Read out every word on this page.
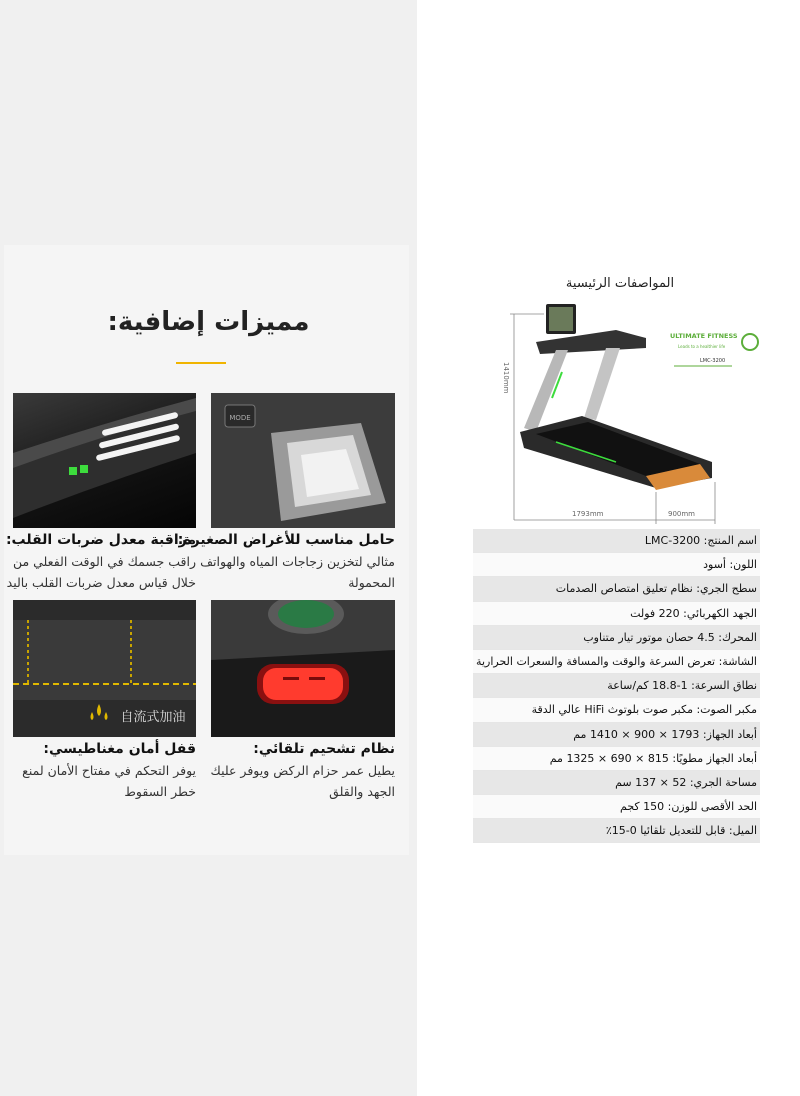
مميزات إضافية:
MODE
مراقبة معدل ضربات القلب:
راقب جسمك في الوقت الفعلي من
خلال قياس معدل ضربات القلب باليد
حامل مناسب للأغراض الصغيرة:
مثالي لتخزين زجاجات المياه والهواتف
المحمولة
自流式加油
قفل أمان مغناطيسي:
يوفر التحكم في مفتاح الأمان لمنع
خطر السقوط
نظام تشحيم تلقائي:
يطيل عمر حزام الركض ويوفر عليك
الجهد والقلق
المواصفات الرئيسية
1410mm
1793mm	900mm
ULTIMATE FITNESS
Leads to a healthier life
LMC-3200
اسم المنتج: LMC-3200
اللون: أسود
سطح الجري: نظام تعليق امتصاص الصدمات
الجهد الكهربائي: 220 فولت
المحرك: 4.5 حصان موتور تيار متناوب
الشاشة: تعرض السرعة والوقت والمسافة والسعرات الحرارية
نطاق السرعة: 1-18.8 كم/ساعة
مكبر الصوت: مكبر صوت بلوتوث HiFi عالي الدقة
أبعاد الجهاز: 1793 × 900 × 1410 مم
أبعاد الجهاز مطويًا: 815 × 690 × 1325 مم
مساحة الجري: 52 × 137 سم
الحد الأقصى للوزن: 150 كجم
الميل: قابل للتعديل تلقائيا 0-15٪
